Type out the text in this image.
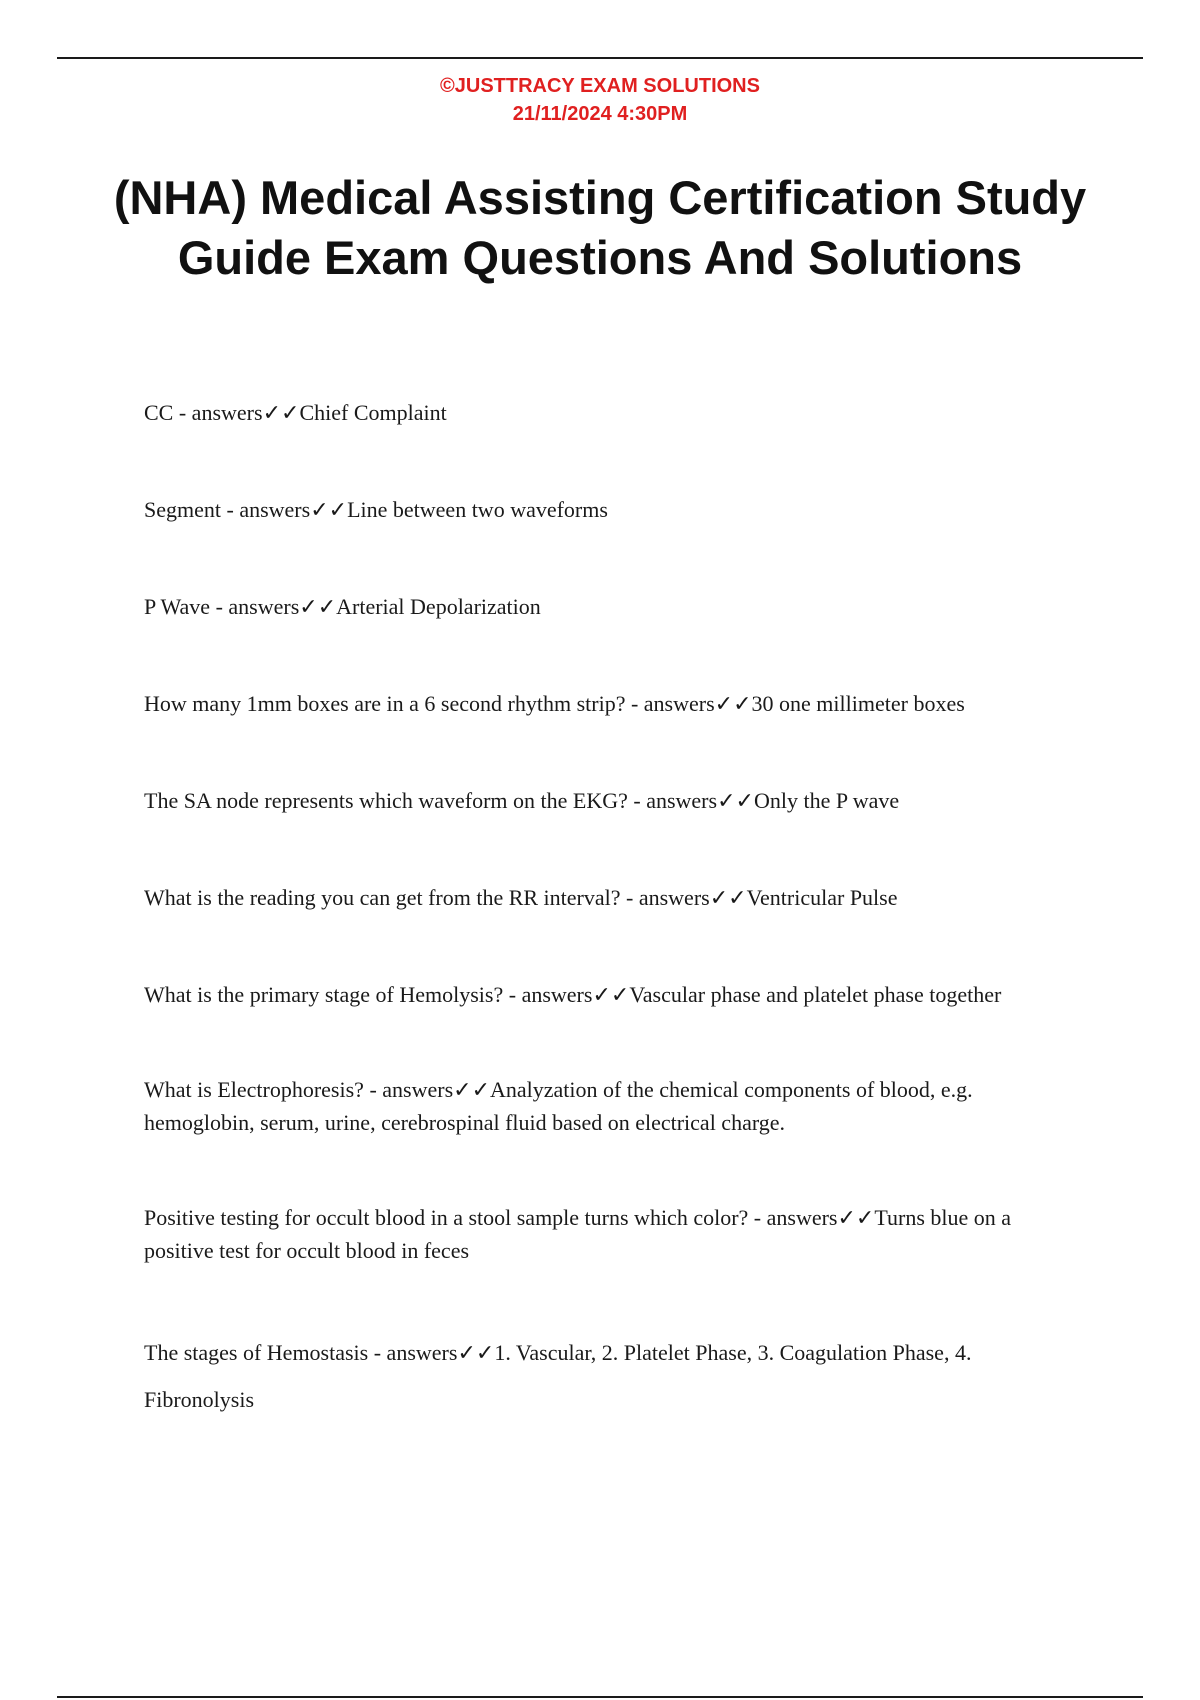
©JUSTTRACY EXAM SOLUTIONS
21/11/2024 4:30PM
(NHA) Medical Assisting Certification Study Guide Exam Questions And Solutions
CC - answers✓✓Chief Complaint
Segment - answers✓✓Line between two waveforms
P Wave - answers✓✓Arterial Depolarization
How many 1mm boxes are in a 6 second rhythm strip? - answers✓✓30 one millimeter boxes
The SA node represents which waveform on the EKG? - answers✓✓Only the P wave
What is the reading you can get from the RR interval? - answers✓✓Ventricular Pulse
What is the primary stage of Hemolysis? - answers✓✓Vascular phase and platelet phase together
What is Electrophoresis? - answers✓✓Analyzation of the chemical components of blood, e.g. hemoglobin, serum, urine, cerebrospinal fluid based on electrical charge.
Positive testing for occult blood in a stool sample turns which color? - answers✓✓Turns blue on a positive test for occult blood in feces
The stages of Hemostasis - answers✓✓1. Vascular, 2. Platelet Phase, 3. Coagulation Phase, 4. Fibronolysis
